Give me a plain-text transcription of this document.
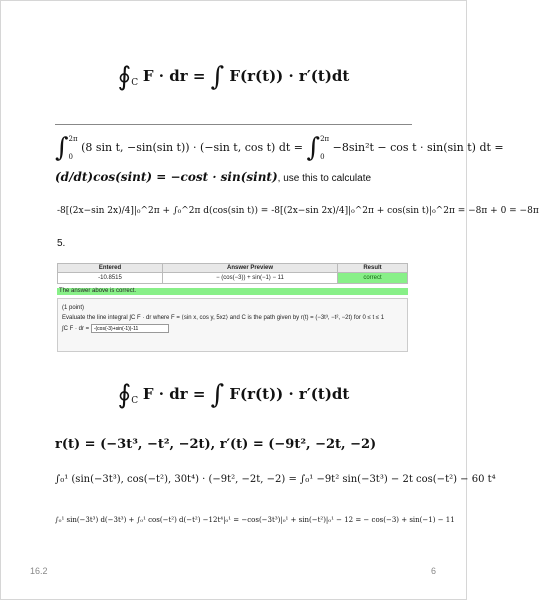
$∮_C$ F · dr = ∫ F(r(t)) · r′(t)dt
∫2π
0 (8 sin t, −sin(sin t)) · (−sin t, cos t) dt = ∫2π
0 −8sin²t − cos t · sin(sin t) dt =
(d/dt)cos(sint) = −cost · sin(sint), use this to calculate
-8[(2x−sin 2x)/4]|₀^2π + ∫₀^2π d(cos(sin t)) = -8[(2x−sin 2x)/4]|₀^2π + cos(sin t)|₀^2π = −8π + 0 = −8π
5.
Entered	Answer Preview	Result
-10.8515	− (cos(−3)) + sin(−1) − 11	correct
The answer above is correct.
(1 point)
Evaluate the line integral ∫C F · dr where F = ⟨sin x, cos y, 5xz⟩ and C is the path given by r(t) = (−3t³, −t², −2t) for 0 ≤ t ≤ 1
∫C F · dr = -(cos(-3)+sin(-1))-11
$∮_C$ F · dr = ∫ F(r(t)) · r′(t)dt
r(t) = (−3t³, −t², −2t), r′(t) = (−9t², −2t, −2)
∫₀¹ (sin(−3t³), cos(−t²), 30t⁴) · (−9t², −2t, −2) = ∫₀¹ −9t² sin(−3t³) − 2t cos(−t²) − 60 t⁴
∫₀¹ sin(−3t³) d(−3t³) + ∫₀¹ cos(−t²) d(−t²) −12t⁴|₀¹ = −cos(−3t³)|₀¹ + sin(−t²)|₀¹ − 12 = − cos(−3) + sin(−1) − 11
16.2	6
